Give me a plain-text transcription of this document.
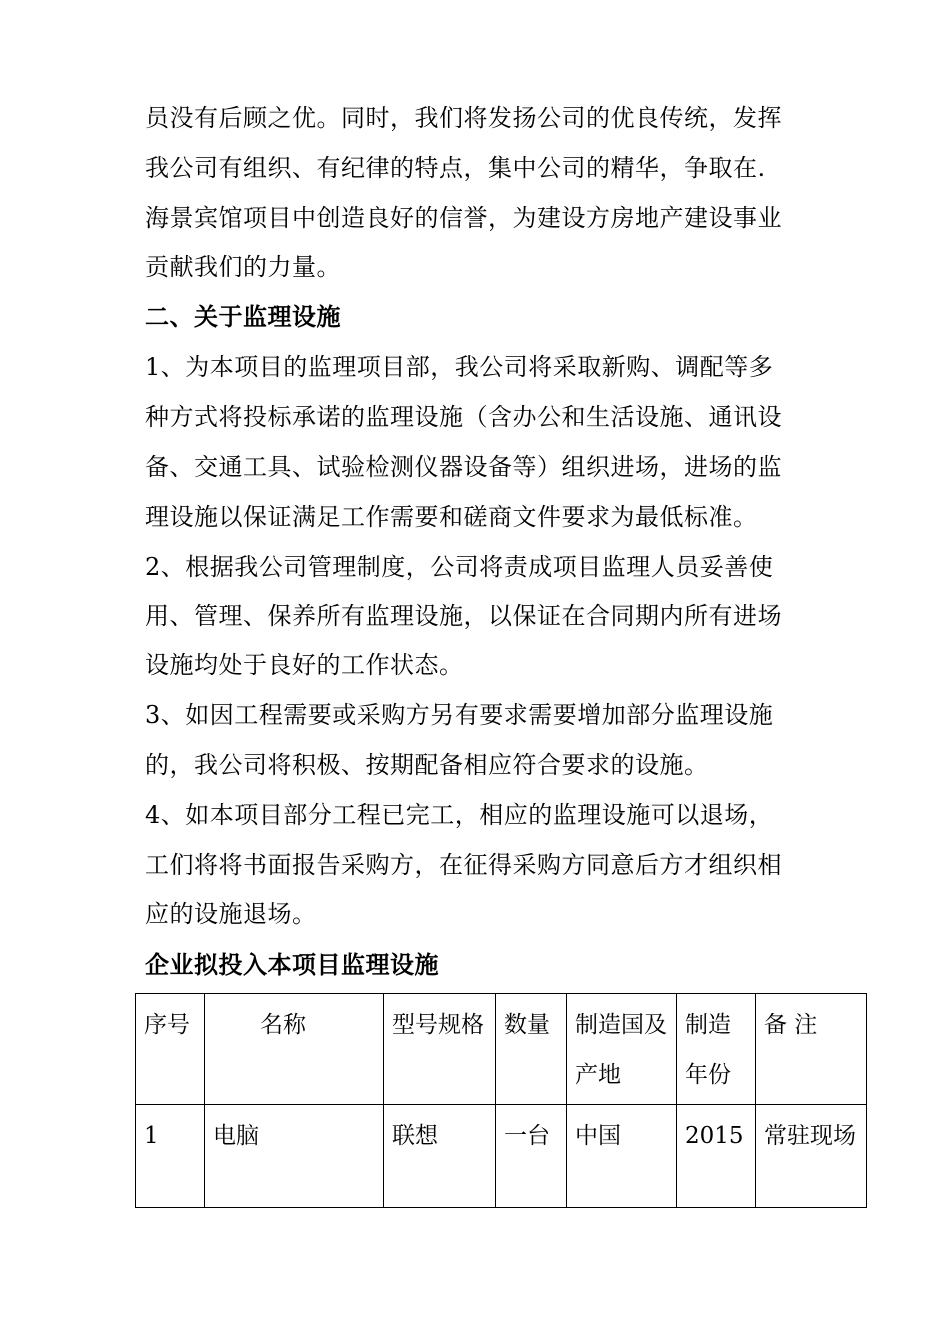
员没有后顾之优。同时，我们将发扬公司的优良传统，发挥
我公司有组织、有纪律的特点，集中公司的精华，争取在.
海景宾馆项目中创造良好的信誉，为建设方房地产建设事业
贡献我们的力量。
二、关于监理设施
1、为本项目的监理项目部，我公司将采取新购、调配等多
种方式将投标承诺的监理设施（含办公和生活设施、通讯设
备、交通工具、试验检测仪器设备等）组织进场，进场的监
理设施以保证满足工作需要和磋商文件要求为最低标准。
2、根据我公司管理制度，公司将责成项目监理人员妥善使
用、管理、保养所有监理设施，以保证在合同期内所有进场
设施均处于良好的工作状态。
3、如因工程需要或采购方另有要求需要增加部分监理设施
的，我公司将积极、按期配备相应符合要求的设施。
4、如本项目部分工程已完工，相应的监理设施可以退场，
工们将将书面报告采购方，在征得采购方同意后方才组织相
应的设施退场。
企业拟投入本项目监理设施
序号	　名称	型号规格	数量	制造国及产地	制造年份	备 注

1	电脑	联想	一台	中国	2015	常驻现场
